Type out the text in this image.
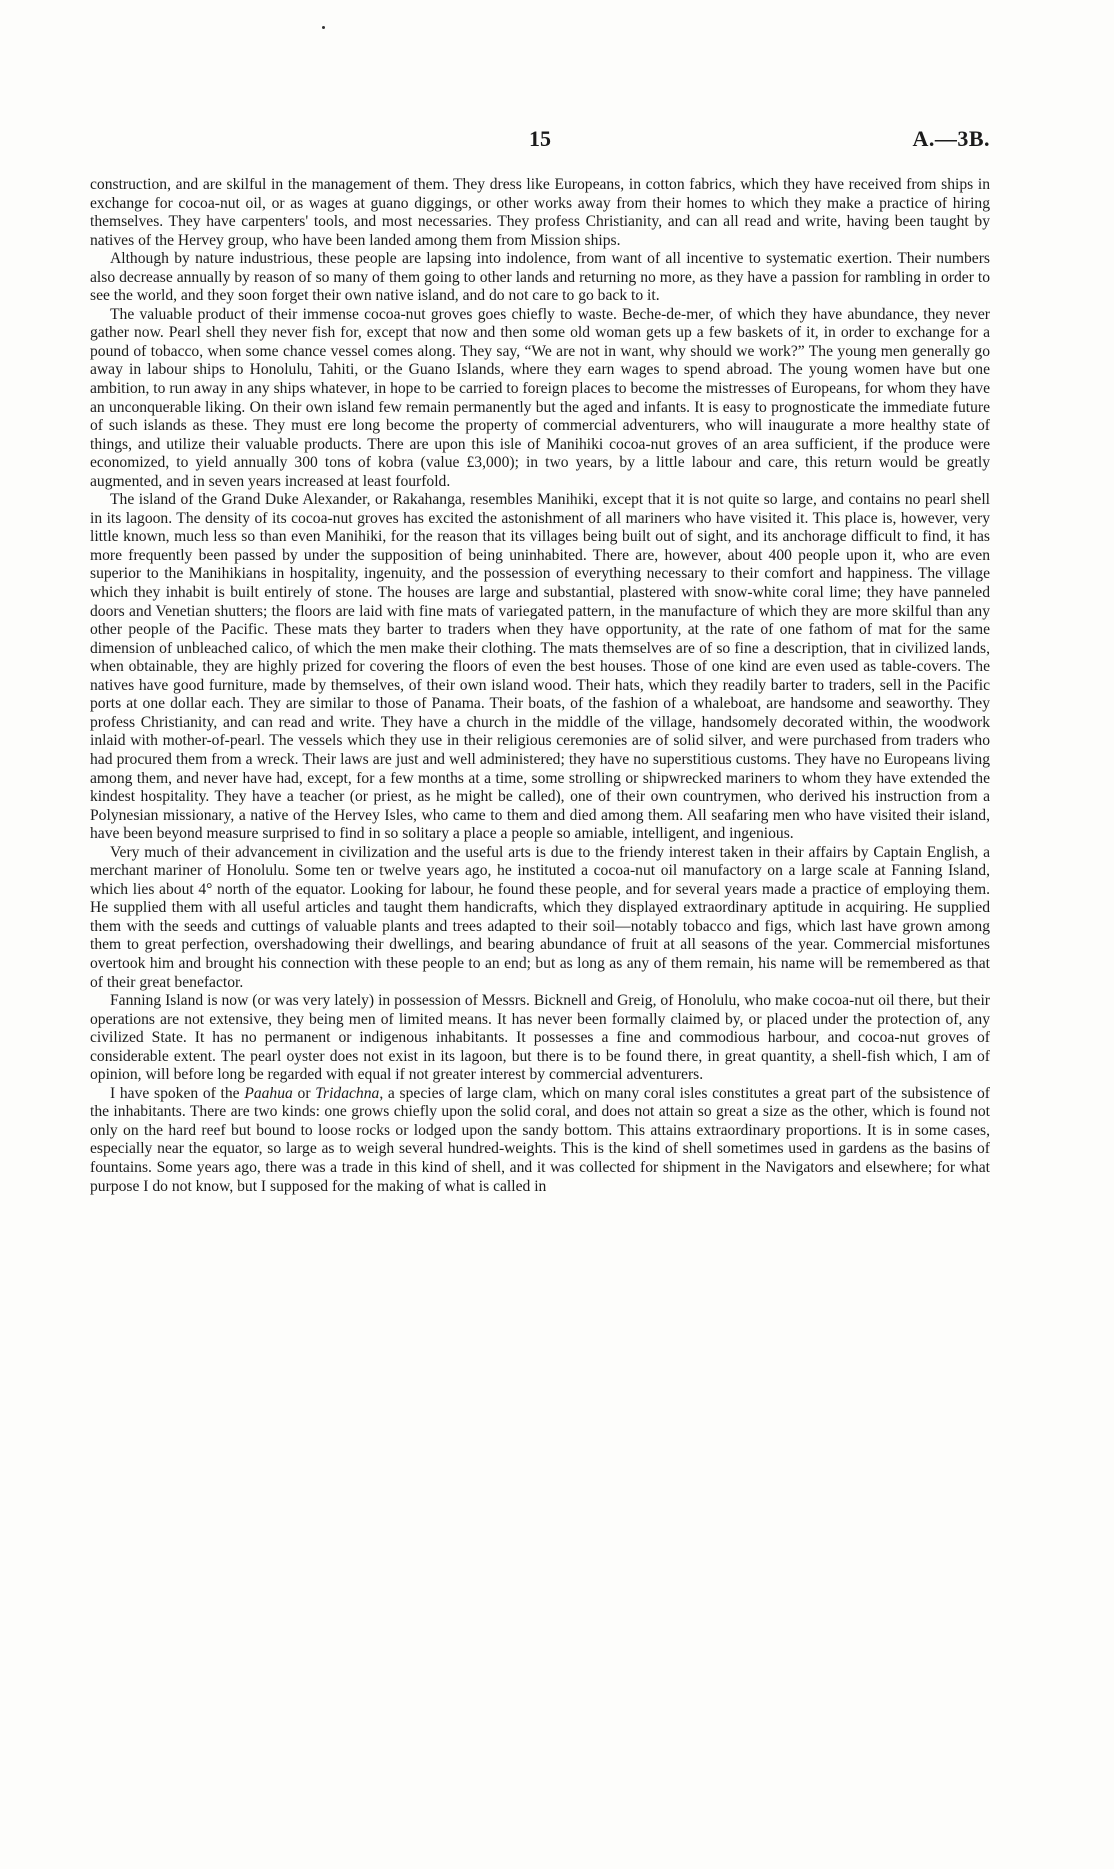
15	A.—3B.

construction, and are skilful in the management of them. They dress like Europeans, in cotton fabrics, which they have received from ships in exchange for cocoa-nut oil, or as wages at guano diggings, or other works away from their homes to which they make a practice of hiring themselves. They have carpenters' tools, and most necessaries. They profess Christianity, and can all read and write, having been taught by natives of the Hervey group, who have been landed among them from Mission ships.

Although by nature industrious, these people are lapsing into indolence, from want of all incentive to systematic exertion. Their numbers also decrease annually by reason of so many of them going to other lands and returning no more, as they have a passion for rambling in order to see the world, and they soon forget their own native island, and do not care to go back to it.

The valuable product of their immense cocoa-nut groves goes chiefly to waste. Beche-de-mer, of which they have abundance, they never gather now. Pearl shell they never fish for, except that now and then some old woman gets up a few baskets of it, in order to exchange for a pound of tobacco, when some chance vessel comes along. They say, “We are not in want, why should we work?” The young men generally go away in labour ships to Honolulu, Tahiti, or the Guano Islands, where they earn wages to spend abroad. The young women have but one ambition, to run away in any ships whatever, in hope to be carried to foreign places to become the mistresses of Europeans, for whom they have an unconquerable liking. On their own island few remain permanently but the aged and infants. It is easy to prognosticate the immediate future of such islands as these. They must ere long become the property of commercial adventurers, who will inaugurate a more healthy state of things, and utilize their valuable products. There are upon this isle of Manihiki cocoa-nut groves of an area sufficient, if the produce were economized, to yield annually 300 tons of kobra (value £3,000); in two years, by a little labour and care, this return would be greatly augmented, and in seven years increased at least fourfold.

The island of the Grand Duke Alexander, or Rakahanga, resembles Manihiki, except that it is not quite so large, and contains no pearl shell in its lagoon. The density of its cocoa-nut groves has excited the astonishment of all mariners who have visited it. This place is, however, very little known, much less so than even Manihiki, for the reason that its villages being built out of sight, and its anchorage difficult to find, it has more frequently been passed by under the supposition of being uninhabited. There are, however, about 400 people upon it, who are even superior to the Manihikians in hospitality, ingenuity, and the possession of everything necessary to their comfort and happiness. The village which they inhabit is built entirely of stone. The houses are large and substantial, plastered with snow-white coral lime; they have panneled doors and Venetian shutters; the floors are laid with fine mats of variegated pattern, in the manufacture of which they are more skilful than any other people of the Pacific. These mats they barter to traders when they have opportunity, at the rate of one fathom of mat for the same dimension of unbleached calico, of which the men make their clothing. The mats themselves are of so fine a description, that in civilized lands, when obtainable, they are highly prized for covering the floors of even the best houses. Those of one kind are even used as table-covers. The natives have good furniture, made by themselves, of their own island wood. Their hats, which they readily barter to traders, sell in the Pacific ports at one dollar each. They are similar to those of Panama. Their boats, of the fashion of a whaleboat, are handsome and seaworthy. They profess Christianity, and can read and write. They have a church in the middle of the village, handsomely decorated within, the woodwork inlaid with mother-of-pearl. The vessels which they use in their religious ceremonies are of solid silver, and were purchased from traders who had procured them from a wreck. Their laws are just and well administered; they have no superstitious customs. They have no Europeans living among them, and never have had, except, for a few months at a time, some strolling or shipwrecked mariners to whom they have extended the kindest hospitality. They have a teacher (or priest, as he might be called), one of their own countrymen, who derived his instruction from a Polynesian missionary, a native of the Hervey Isles, who came to them and died among them. All seafaring men who have visited their island, have been beyond measure surprised to find in so solitary a place a people so amiable, intelligent, and ingenious.

Very much of their advancement in civilization and the useful arts is due to the friendy interest taken in their affairs by Captain English, a merchant mariner of Honolulu. Some ten or twelve years ago, he instituted a cocoa-nut oil manufactory on a large scale at Fanning Island, which lies about 4° north of the equator. Looking for labour, he found these people, and for several years made a practice of employing them. He supplied them with all useful articles and taught them handicrafts, which they displayed extraordinary aptitude in acquiring. He supplied them with the seeds and cuttings of valuable plants and trees adapted to their soil—notably tobacco and figs, which last have grown among them to great perfection, overshadowing their dwellings, and bearing abundance of fruit at all seasons of the year. Commercial misfortunes overtook him and brought his connection with these people to an end; but as long as any of them remain, his name will be remembered as that of their great benefactor.

Fanning Island is now (or was very lately) in possession of Messrs. Bicknell and Greig, of Honolulu, who make cocoa-nut oil there, but their operations are not extensive, they being men of limited means. It has never been formally claimed by, or placed under the protection of, any civilized State. It has no permanent or indigenous inhabitants. It possesses a fine and commodious harbour, and cocoa-nut groves of considerable extent. The pearl oyster does not exist in its lagoon, but there is to be found there, in great quantity, a shell-fish which, I am of opinion, will before long be regarded with equal if not greater interest by commercial adventurers.

I have spoken of the Paahua or Tridachna, a species of large clam, which on many coral isles constitutes a great part of the subsistence of the inhabitants. There are two kinds: one grows chiefly upon the solid coral, and does not attain so great a size as the other, which is found not only on the hard reef but bound to loose rocks or lodged upon the sandy bottom. This attains extraordinary proportions. It is in some cases, especially near the equator, so large as to weigh several hundred-weights. This is the kind of shell sometimes used in gardens as the basins of fountains. Some years ago, there was a trade in this kind of shell, and it was collected for shipment in the Navigators and elsewhere; for what purpose I do not know, but I supposed for the making of what is called in
